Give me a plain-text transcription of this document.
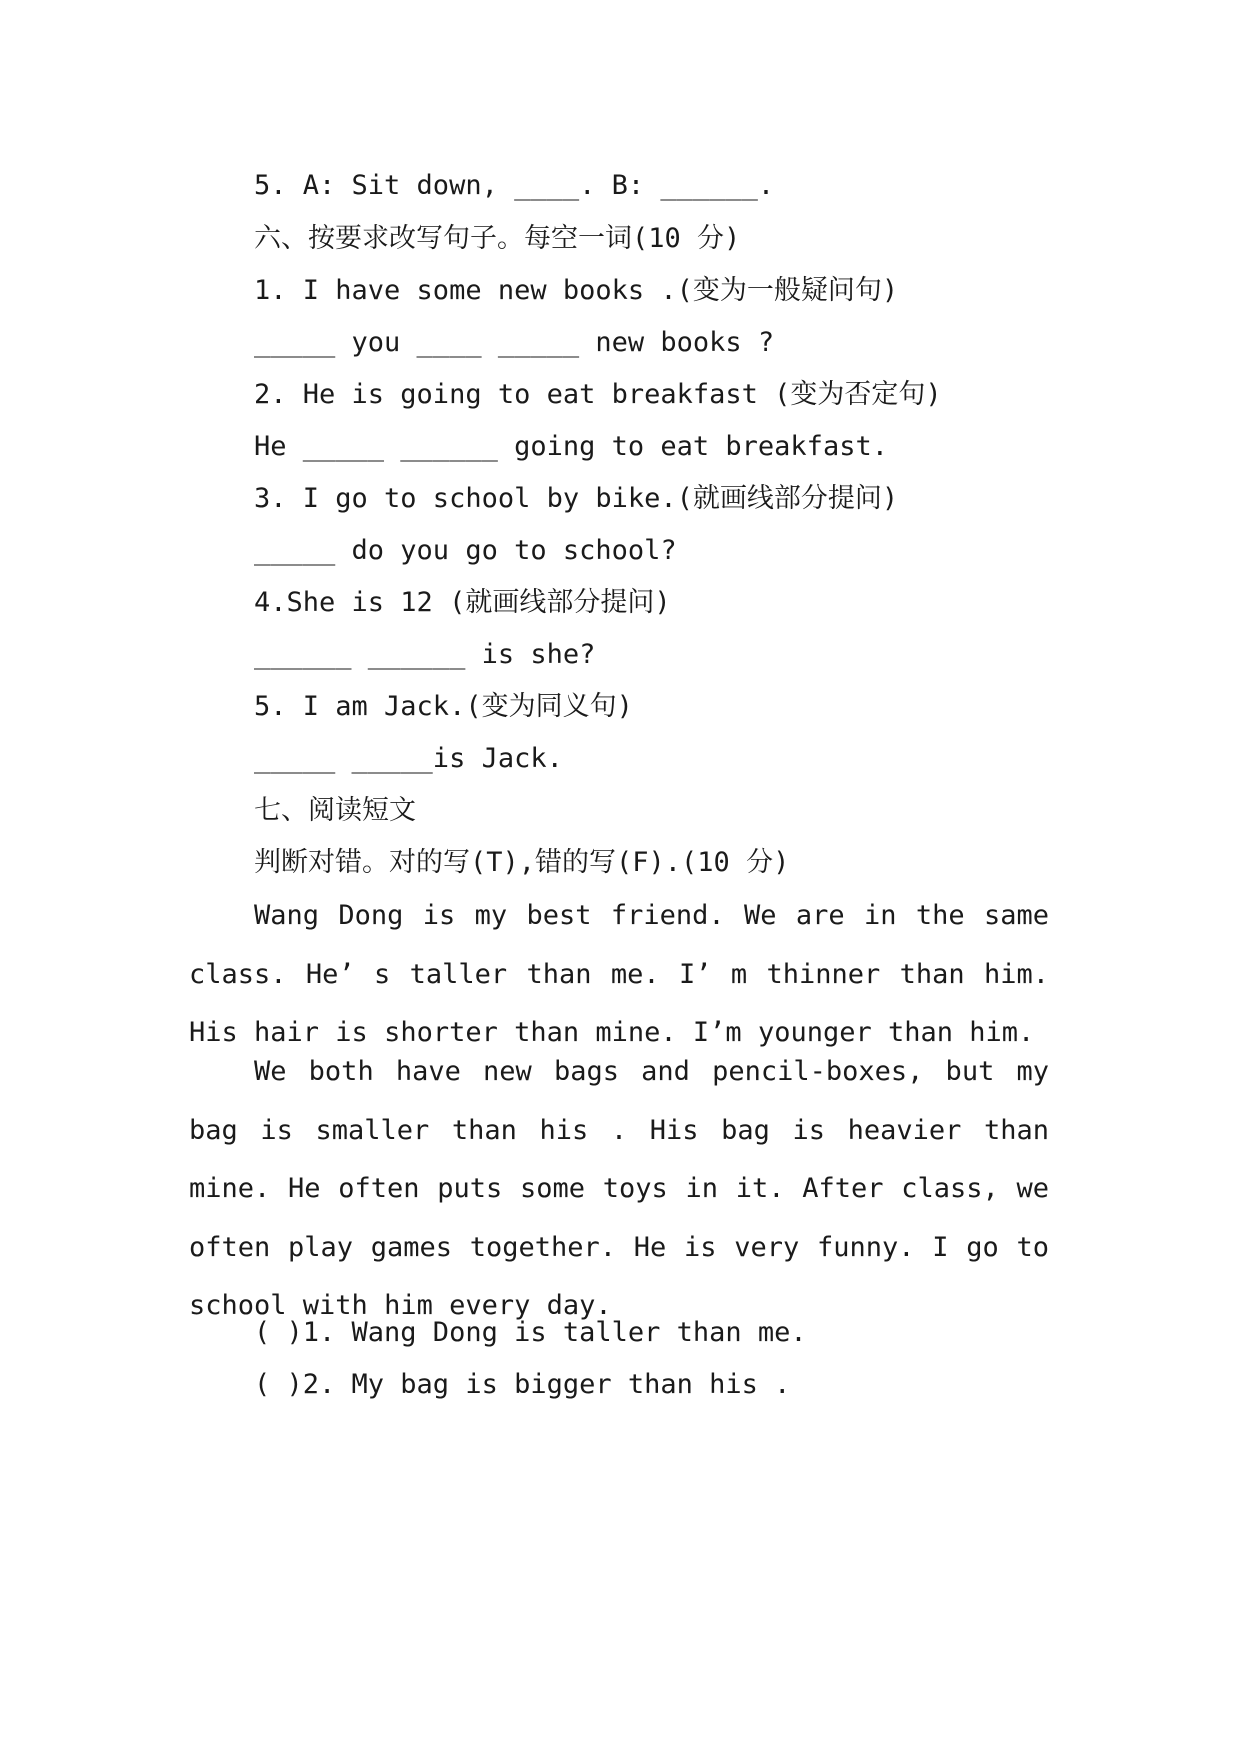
5. A: Sit down, ____. B: ______.

六、按要求改写句子。每空一词(10 分)

1. I have some new books .(变为一般疑问句)

_____ you ____ _____ new books ?

2. He is going to eat breakfast (变为否定句)

He _____ ______ going to eat breakfast.

3. I go to school by bike.(就画线部分提问)

_____ do you go to school?

4.She is 12 (就画线部分提问)

______ ______ is she?

5. I am Jack.(变为同义句)

_____ _____is Jack.

七、阅读短文

判断对错。对的写(T),错的写(F).(10 分)

Wang Dong is my best friend. We are in the same class. He’ s taller than me. I’ m thinner than him. His hair is shorter than mine. I’m younger than him.

We both have new bags and pencil-boxes, but my bag is smaller than his . His bag is heavier than mine. He often puts some toys in it. After class, we often play games together. He is very funny. I go to school with him every day.

( )1. Wang Dong is taller than me.

( )2. My bag is bigger than his .
